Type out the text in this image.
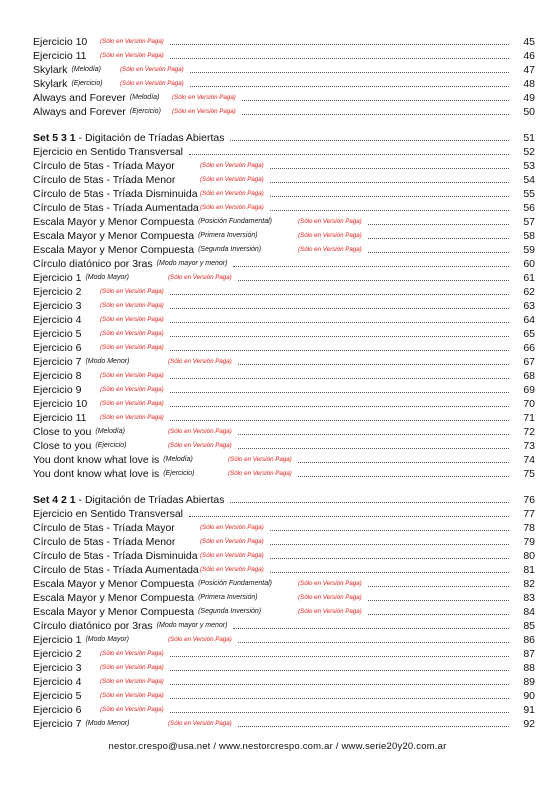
Ejercicio 10 (Sólo en Versión Paga)	45
Ejercicio 11 (Sólo en Versión Paga)	46
Skylark (Melodía)	(Sólo en Versión Paga)	47
Skylark (Ejercicio)	(Sólo en Versión Paga)	48
Always and Forever (Melodía) (Sólo en Versión Paga)	49
Always and Forever (Ejercicio) (Sólo en Versión Paga)	50
Set 5 3 1 - Digitación de Tríadas Abiertas	51
Ejercicio en Sentido Transversal	52
Círculo de 5tas - Tríada Mayor	(Sólo en Versión Paga)	53
Círculo de 5tas - Tríada Menor	(Sólo en Versión Paga)	54
Círculo de 5tas - Tríada Disminuida (Sólo en Versión Paga)	55
Círculo de 5tas - Tríada Aumentada (Sólo en Versión Paga)	56
Escala Mayor y Menor Compuesta (Posición Fundamental)	(Sólo en Versión Paga)	57
Escala Mayor y Menor Compuesta (Primera Inversión)	(Sólo en Versión Paga)	58
Escala Mayor y Menor Compuesta (Segunda Inversión)	(Sólo en Versión Paga)	59
Círculo diatónico por 3ras (Modo mayor y menor)	60
Ejercicio 1 (Modo Mayor)	(Sólo en Versión Paga)	61
Ejercicio 2	(Sólo en Versión Paga)	62
Ejercicio 3	(Sólo en Versión Paga)	63
Ejercicio 4	(Sólo en Versión Paga)	64
Ejercicio 5	(Sólo en Versión Paga)	65
Ejercicio 6	(Sólo en Versión Paga)	66
Ejercicio 7 (Modo Menor)	(Sólo en Versión Paga)	67
Ejercicio 8	(Sólo en Versión Paga)	68
Ejercicio 9	(Sólo en Versión Paga)	69
Ejercicio 10 (Sólo en Versión Paga)	70
Ejercicio 11 (Sólo en Versión Paga)	71
Close to you (Melodía)	(Sólo en Versión Paga)	72
Close to you (Ejercicio)	(Sólo en Versión Paga)	73
You dont know what love is (Melodía)	(Sólo en Versión Paga)	74
You dont know what love is (Ejercicio)	(Sólo en Versión Paga)	75
Set 4 2 1 - Digitación de Tríadas Abiertas	76
Ejercicio en Sentido Transversal	77
Círculo de 5tas - Tríada Mayor	(Sólo en Versión Paga)	78
Círculo de 5tas - Tríada Menor	(Sólo en Versión Paga)	79
Círculo de 5tas - Tríada Disminuida (Sólo en Versión Paga)	80
Círculo de 5tas - Tríada Aumentada (Sólo en Versión Paga)	81
Escala Mayor y Menor Compuesta (Posición Fundamental)	(Sólo en Versión Paga)	82
Escala Mayor y Menor Compuesta (Primera Inversión)	(Sólo en Versión Paga)	83
Escala Mayor y Menor Compuesta (Segunda Inversión)	(Sólo en Versión Paga)	84
Círculo diatónico por 3ras (Modo mayor y menor)	85
Ejercicio 1 (Modo Mayor)	(Sólo en Versión Paga)	86
Ejercicio 2	(Sólo en Versión Paga)	87
Ejercicio 3	(Sólo en Versión Paga)	88
Ejercicio 4	(Sólo en Versión Paga)	89
Ejercicio 5	(Sólo en Versión Paga)	90
Ejercicio 6	(Sólo en Versión Paga)	91
Ejercicio 7 (Modo Menor)	(Sólo en Versión Paga)	92
nestor.crespo@usa.net / www.nestorcrespo.com.ar / www.serie20y20.com.ar
